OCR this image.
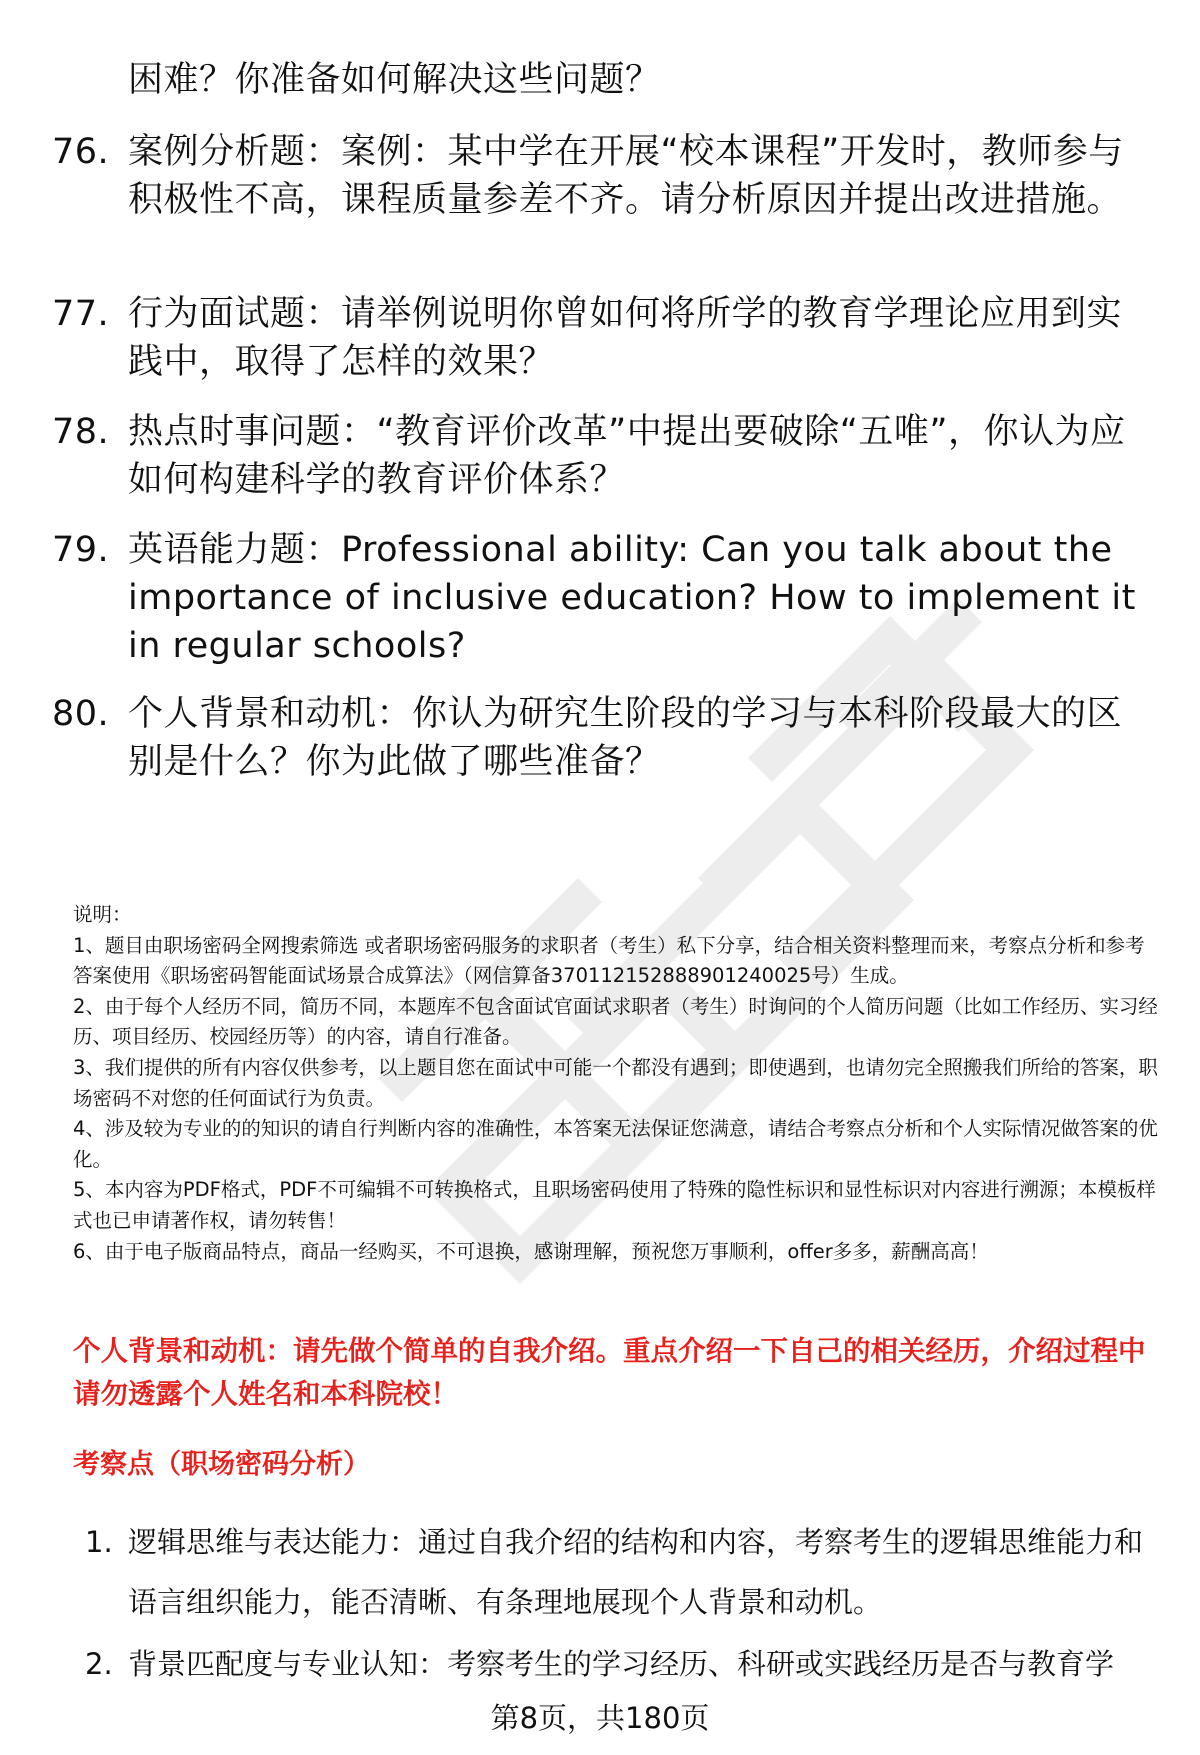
困难？你准备如何解决这些问题？
76. 案例分析题：案例：某中学在开展“校本课程”开发时，教师参与积极性不高，课程质量参差不齐。请分析原因并提出改进措施。
77. 行为面试题：请举例说明你曾如何将所学的教育学理论应用到实践中，取得了怎样的效果？
78. 热点时事问题：“教育评价改革”中提出要破除“五唯”，你认为应如何构建科学的教育评价体系？
79. 英语能力题：Professional ability: Can you talk about the importance of inclusive education? How to implement it in regular schools?
80. 个人背景和动机：你认为研究生阶段的学习与本科阶段最大的区别是什么？你为此做了哪些准备？

说明：

1、题目由职场密码全网搜索筛选 或者职场密码服务的求职者（考生）私下分享，结合相关资料整理而来，考察点分析和参考答案使用《职场密码智能面试场景合成算法》（网信算备370112152888901240025号）生成。

2、由于每个人经历不同，简历不同，本题库不包含面试官面试求职者（考生）时询问的个人简历问题（比如工作经历、实习经历、项目经历、校园经历等）的内容，请自行准备。

3、我们提供的所有内容仅供参考，以上题目您在面试中可能一个都没有遇到；即使遇到，也请勿完全照搬我们所给的答案，职场密码不对您的任何面试行为负责。

4、涉及较为专业的的知识的请自行判断内容的准确性，本答案无法保证您满意，请结合考察点分析和个人实际情况做答案的优化。

5、本内容为PDF格式，PDF不可编辑不可转换格式，且职场密码使用了特殊的隐性标识和显性标识对内容进行溯源；本模板样式也已申请著作权，请勿转售！

6、由于电子版商品特点，商品一经购买，不可退换，感谢理解，预祝您万事顺利，offer多多，薪酬高高！

个人背景和动机：请先做个简单的自我介绍。重点介绍一下自己的相关经历，介绍过程中请勿透露个人姓名和本科院校！
考察点（职场密码分析）
1. 逻辑思维与表达能力：通过自我介绍的结构和内容，考察考生的逻辑思维能力和语言组织能力，能否清晰、有条理地展现个人背景和动机。
2. 背景匹配度与专业认知：考察考生的学习经历、科研或实践经历是否与教育学
第8页，共180页
